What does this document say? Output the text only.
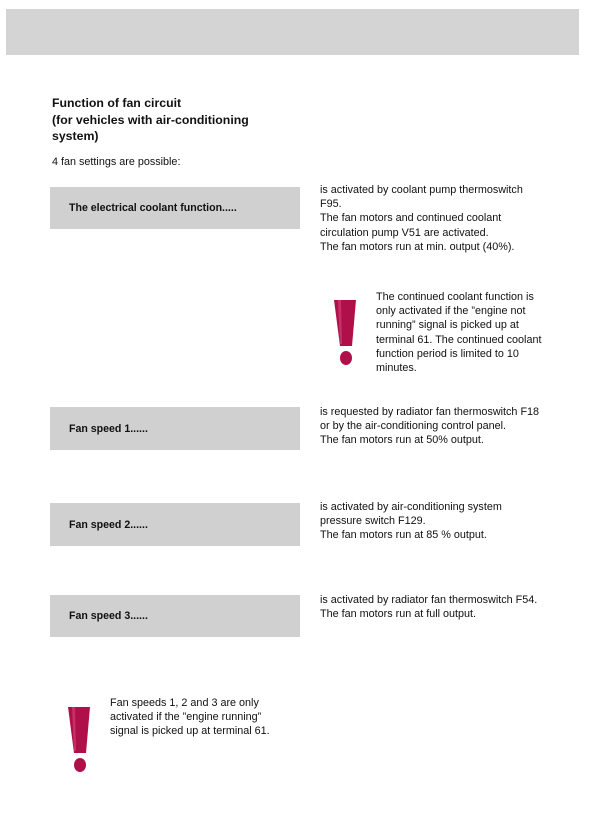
Function of fan circuit
(for vehicles with air-conditioning
system)
4 fan settings are possible:
The electrical coolant function.....
is activated by coolant pump thermoswitch
F95.
The fan motors and continued coolant
circulation pump V51 are activated.
The fan motors run at min. output (40%).
The continued coolant function is
only activated if the ”engine not
running” signal is picked up at
terminal 61. The continued coolant
function period is limited to 10
minutes.
Fan speed 1......
is requested by radiator fan thermoswitch F18
or by the air-conditioning control panel.
The fan motors run at 50% output.
Fan speed 2......
is activated by air-conditioning system
pressure switch F129.
The fan motors run at 85 % output.
Fan speed 3......
is activated by radiator fan thermoswitch F54.
The fan motors run at full output.
Fan speeds 1, 2 and 3 are only
activated if the ”engine running”
signal is picked up at terminal 61.
